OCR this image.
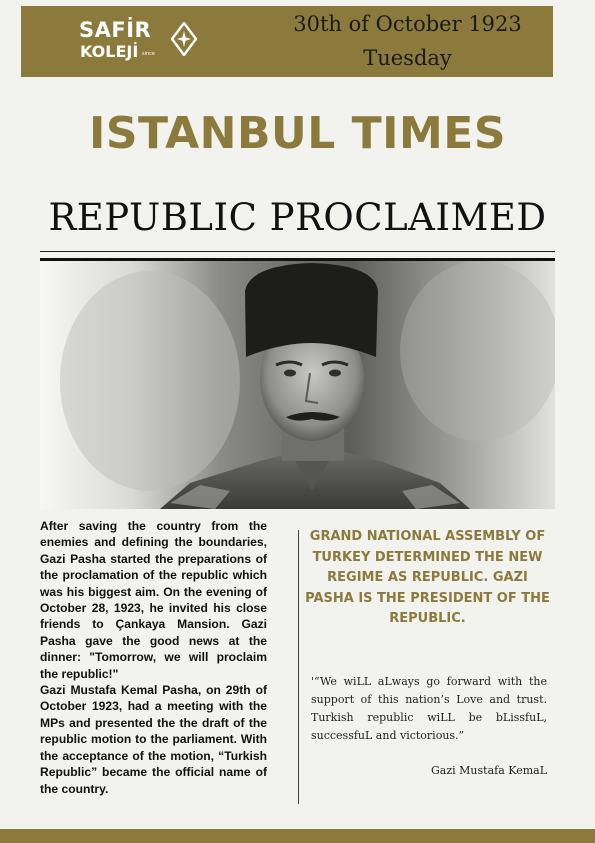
SAFİR
KOLEJİ since
30th of October 1923
Tuesday
ISTANBUL TIMES
REPUBLIC PROCLAIMED

After saving the country from the enemies and defining the boundaries, Gazi Pasha started the preparations of the proclamation of the republic which was his biggest aim. On the evening of October 28, 1923, he invited his close friends to Çankaya Mansion. Gazi Pasha gave the good news at the dinner: "Tomorrow, we will proclaim the republic!"

Gazi Mustafa Kemal Pasha, on 29th of October 1923, had a meeting with the MPs and presented the the draft of the republic motion to the parliament. With the acceptance of the motion, “Turkish Republic” became the official name of the country.

GRAND NATIONAL ASSEMBLY OF TURKEY DETERMINED THE NEW REGIME AS REPUBLIC. GAZI PASHA IS THE PRESIDENT OF THE REPUBLIC.
'“We wiLL aLways go forward with the support of this nation’s Love and trust. Turkish republic wiLL be bLissfuL, successfuL and victorious.”
Gazi Mustafa KemaL
